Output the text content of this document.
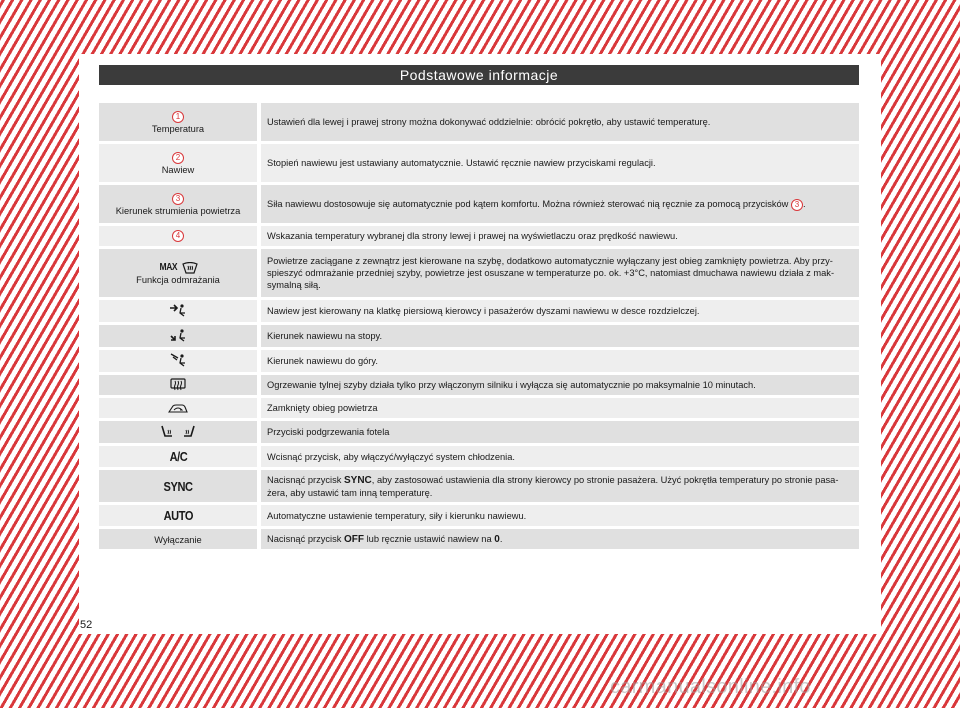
Podstawowe informacje
1
Temperatura	Ustawień dla lewej i prawej strony można dokonywać oddzielnie: obrócić pokrętło, aby ustawić temperaturę.
2
Nawiew	Stopień nawiewu jest ustawiany automatycznie. Ustawić ręcznie nawiew przyciskami regulacji.
3
Kierunek strumienia powietrza	Siła nawiewu dostosowuje się automatycznie pod kątem komfortu. Można również sterować nią ręcznie za pomocą przycisków 3 .
4	Wskazania temperatury wybranej dla strony lewej i prawej na wyświetlaczu oraz prędkość nawiewu.
MAX
Funkcja odmrażania	Powietrze zaciągane z zewnątrz jest kierowane na szybę, dodatkowo automatycznie wyłączany jest obieg zamknięty powietrza. Aby przy-spieszyć odmrażanie przedniej szyby, powietrze jest osuszane w temperaturze po. ok. +3°C, natomiast dmuchawa nawiewu działa z mak-symalną siłą.
	Nawiew jest kierowany na klatkę piersiową kierowcy i pasażerów dyszami nawiewu w desce rozdzielczej.
	Kierunek nawiewu na stopy.
	Kierunek nawiewu do góry.
	Ogrzewanie tylnej szyby działa tylko przy włączonym silniku i wyłącza się automatycznie po maksymalnie 10 minutach.
	Zamknięty obieg powietrza
	Przyciski podgrzewania fotela
A/C	Wcisnąć przycisk, aby włączyć/wyłączyć system chłodzenia.
SYNC	Nacisnąć przycisk SYNC, aby zastosować ustawienia dla strony kierowcy po stronie pasażera. Użyć pokrętła temperatury po stronie pasa-żera, aby ustawić tam inną temperaturę.
AUTO	Automatyczne ustawienie temperatury, siły i kierunku nawiewu.

Wyłączanie	Nacisnąć przycisk OFF lub ręcznie ustawić nawiew na 0.
52
carmanualsonline.info
